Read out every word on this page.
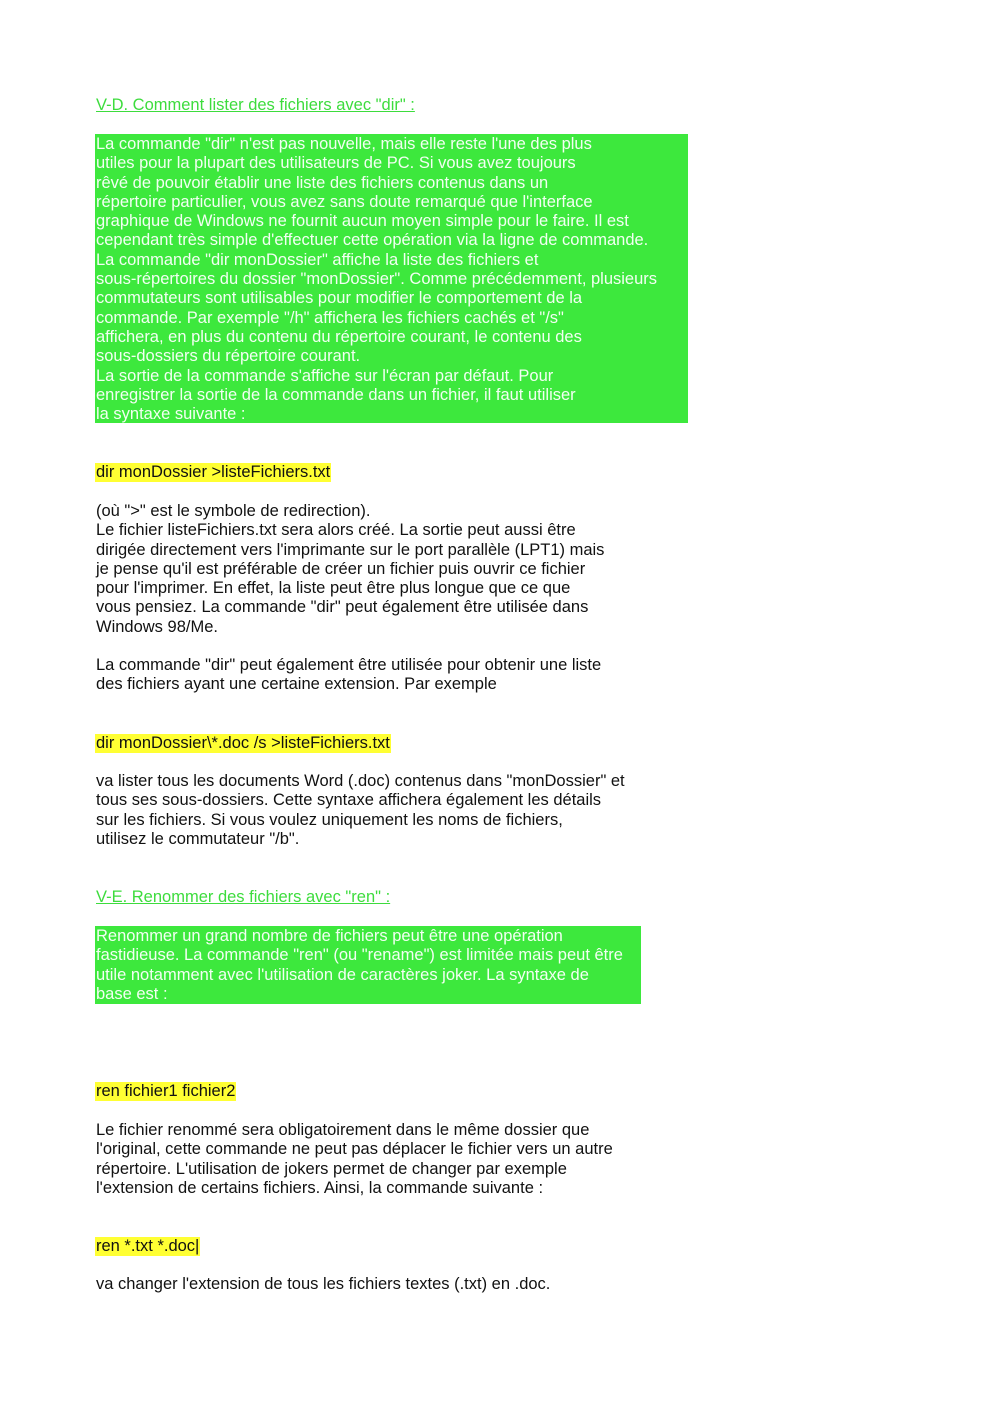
V-D. Comment lister des fichiers avec "dir" :
La commande "dir" n'est pas nouvelle, mais elle reste l'une des plus
utiles pour la plupart des utilisateurs de PC. Si vous avez toujours
rêvé de pouvoir établir une liste des fichiers contenus dans un
répertoire particulier, vous avez sans doute remarqué que l'interface
graphique de Windows ne fournit aucun moyen simple pour le faire. Il est
cependant très simple d'effectuer cette opération via la ligne de commande.
La commande "dir monDossier" affiche la liste des fichiers et
sous-répertoires du dossier "monDossier". Comme précédemment, plusieurs
commutateurs sont utilisables pour modifier le comportement de la
commande. Par exemple "/h" affichera les fichiers cachés et "/s"
affichera, en plus du contenu du répertoire courant, le contenu des
sous-dossiers du répertoire courant.
La sortie de la commande s'affiche sur l'écran par défaut. Pour
enregistrer la sortie de la commande dans un fichier, il faut utiliser
la syntaxe suivante :
dir monDossier >listeFichiers.txt
(où ">" est le symbole de redirection).
Le fichier listeFichiers.txt sera alors créé. La sortie peut aussi être
dirigée directement vers l'imprimante sur le port parallèle (LPT1) mais
je pense qu'il est préférable de créer un fichier puis ouvrir ce fichier
pour l'imprimer. En effet, la liste peut être plus longue que ce que
vous pensiez. La commande "dir" peut également être utilisée dans
Windows 98/Me.
La commande "dir" peut également être utilisée pour obtenir une liste
des fichiers ayant une certaine extension. Par exemple
dir monDossier\*.doc /s >listeFichiers.txt
va lister tous les documents Word (.doc) contenus dans "monDossier" et
tous ses sous-dossiers. Cette syntaxe affichera également les détails
sur les fichiers. Si vous voulez uniquement les noms de fichiers,
utilisez le commutateur "/b".
V-E. Renommer des fichiers avec "ren" :
Renommer un grand nombre de fichiers peut être une opération
fastidieuse. La commande "ren" (ou "rename") est limitée mais peut être
utile notamment avec l'utilisation de caractères joker. La syntaxe de
base est :
ren fichier1 fichier2
Le fichier renommé sera obligatoirement dans le même dossier que
l'original, cette commande ne peut pas déplacer le fichier vers un autre
répertoire. L'utilisation de jokers permet de changer par exemple
l'extension de certains fichiers. Ainsi, la commande suivante :
ren *.txt *.doc|
va changer l'extension de tous les fichiers textes (.txt) en .doc.
